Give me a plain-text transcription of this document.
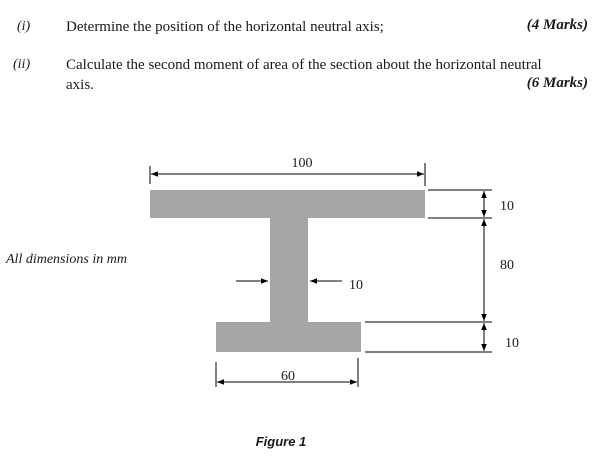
(i) Determine the position of the horizontal neutral axis;	(4 Marks)
(ii) Calculate the second moment of area of the section about the horizontal neutral
axis.	(6 Marks)
100
10
80
10
10
60
All dimensions in mm
Figure 1
